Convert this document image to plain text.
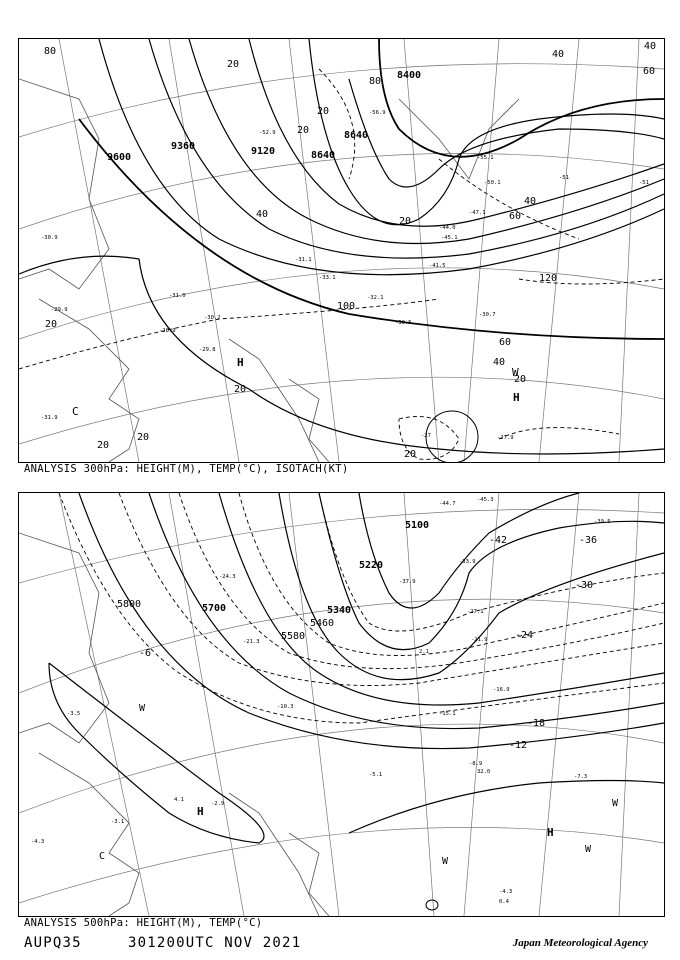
9600
9360	9120
8640
8400
8640
80
80
20
40
60
20
40
60
40
120
100
60
40
20
20
20
20
20
20
20
20
40
H
H
C
W
-30.9
-29.9
-29.8
-31.0
-30.2
-33.1
-31.1
-30.5
-30.7
-32.1
-41.5
-44.0
-47.1
-55.1
-50.1
-51
-51
-27	-27.9
-28.9
-31.9
-45.1
-52.9
-56.9
ANALYSIS 300hPa: HEIGHT(M), TEMP(°C), ISOTACH(KT)
5800	5700
5580
5460
5340
5220
5100
-6
-24
-18
-12
-30
-36
-42
H
H
C
W
W
W
W
-3.5
-4.3
-3.1
-2.9
-5.1
-8.9
-7.3
-4.3
-15.1
-21.9
-27.1
-24.3
-21.3
-37.9
-39.5
-45.3
-44.7
-33.9
-16.9
-10.3
0.4
2.1
4.1
32.0
ANALYSIS 500hPa: HEIGHT(M), TEMP(°C)
AUPQ35	301200UTC NOV 2021	Japan Meteorological Agency
